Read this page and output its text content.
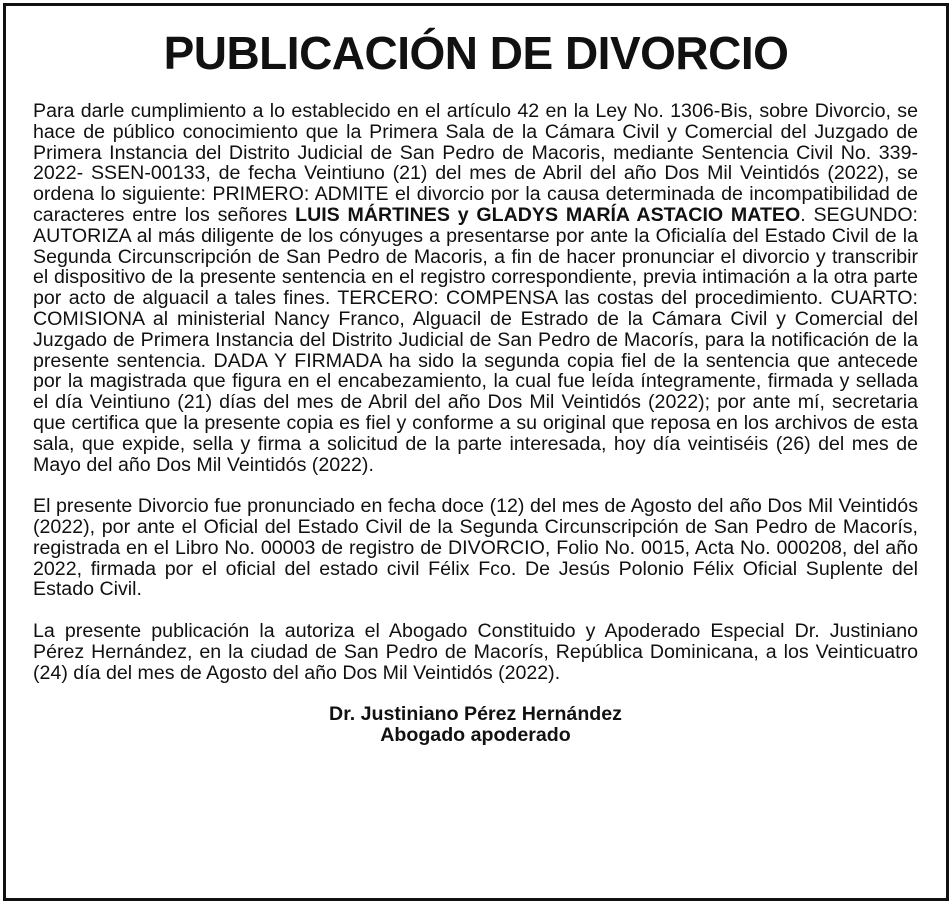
PUBLICACIÓN DE DIVORCIO

Para darle cumplimiento a lo establecido en el artículo 42 en la Ley No. 1306-Bis, sobre Divorcio, se hace de público conocimiento que la Primera Sala de la Cámara Civil y Comercial del Juzgado de Primera Instancia del Distrito Judicial de San Pedro de Macoris, mediante Sentencia Civil No. 339-2022- SSEN-00133, de fecha Veintiuno (21) del mes de Abril del año Dos Mil Veintidós (2022), se ordena lo siguiente: PRIMERO: ADMITE el divorcio por la causa determinada de incompatibilidad de caracteres entre los señores LUIS MÁRTINES y GLADYS MARÍA ASTACIO MATEO. SEGUNDO: AUTORIZA al más diligente de los cónyuges a presentarse por ante la Oficialía del Estado Civil de la Segunda Circunscripción de San Pedro de Macoris, a fin de hacer pronunciar el divorcio y transcribir el dispositivo de la presente sentencia en el registro correspondiente, previa intimación a la otra parte por acto de alguacil a tales fines. TERCERO: COMPENSA las costas del procedimiento. CUARTO: COMISIONA al ministerial Nancy Franco, Alguacil de Estrado de la Cámara Civil y Comercial del Juzgado de Primera Instancia del Distrito Judicial de San Pedro de Macorís, para la notificación de la presente sentencia. DADA Y FIRMADA ha sido la segunda copia fiel de la sentencia que antecede por la magistrada que figura en el encabezamiento, la cual fue leída íntegramente, firmada y sellada el día Veintiuno (21) días del mes de Abril del año Dos Mil Veintidós (2022); por ante mí, secretaria que certifica que la presente copia es fiel y conforme a su original que reposa en los archivos de esta sala, que expide, sella y firma a solicitud de la parte interesada, hoy día veintiséis (26) del mes de Mayo del año Dos Mil Veintidós (2022).

El presente Divorcio fue pronunciado en fecha doce (12) del mes de Agosto del año Dos Mil Veintidós (2022), por ante el Oficial del Estado Civil de la Segunda Circunscripción de San Pedro de Macorís, registrada en el Libro No. 00003 de registro de DIVORCIO, Folio No. 0015, Acta No. 000208, del año 2022, firmada por el oficial del estado civil Félix Fco. De Jesús Polonio Félix Oficial Suplente del Estado Civil.

La presente publicación la autoriza el Abogado Constituido y Apoderado Especial Dr. Justiniano Pérez Hernández, en la ciudad de San Pedro de Macorís, República Dominicana, a los Veinticuatro (24) día del mes de Agosto del año Dos Mil Veintidós (2022).

Dr. Justiniano Pérez Hernández
Abogado apoderado
